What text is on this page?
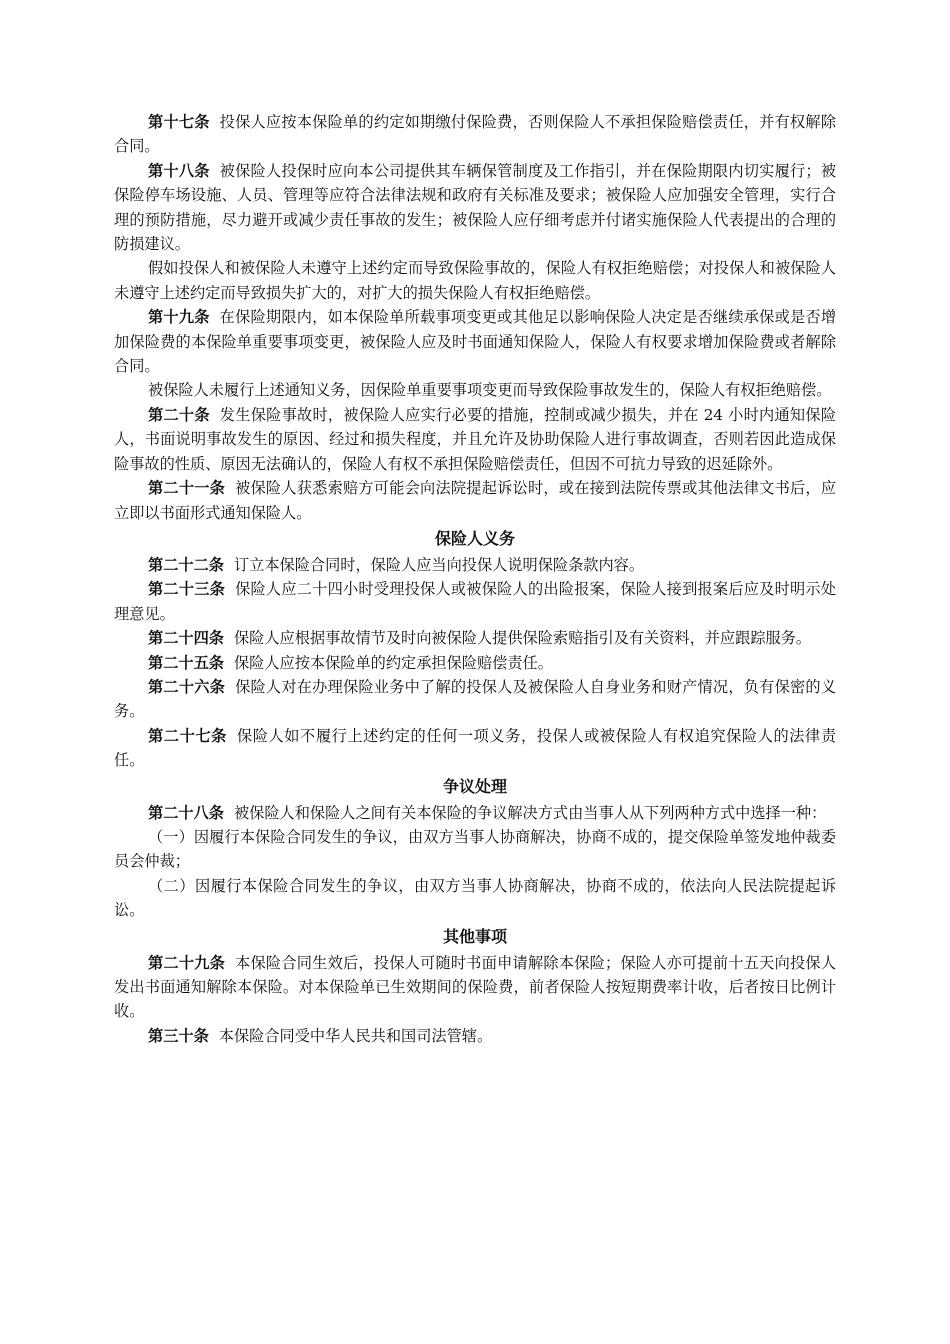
第十七条 投保人应按本保险单的约定如期缴付保险费，否则保险人不承担保险赔偿责任，并有权解除合同。

第十八条 被保险人投保时应向本公司提供其车辆保管制度及工作指引，并在保险期限内切实履行；被保险停车场设施、人员、管理等应符合法律法规和政府有关标准及要求；被保险人应加强安全管理，实行合理的预防措施，尽力避开或减少责任事故的发生；被保险人应仔细考虑并付诸实施保险人代表提出的合理的防损建议。

假如投保人和被保险人未遵守上述约定而导致保险事故的，保险人有权拒绝赔偿；对投保人和被保险人未遵守上述约定而导致损失扩大的，对扩大的损失保险人有权拒绝赔偿。

第十九条 在保险期限内，如本保险单所载事项变更或其他足以影响保险人决定是否继续承保或是否增加保险费的本保险单重要事项变更，被保险人应及时书面通知保险人，保险人有权要求增加保险费或者解除合同。

被保险人未履行上述通知义务，因保险单重要事项变更而导致保险事故发生的，保险人有权拒绝赔偿。

第二十条 发生保险事故时，被保险人应实行必要的措施，控制或减少损失，并在 24 小时内通知保险人，书面说明事故发生的原因、经过和损失程度，并且允许及协助保险人进行事故调查，否则若因此造成保险事故的性质、原因无法确认的，保险人有权不承担保险赔偿责任，但因不可抗力导致的迟延除外。

第二十一条 被保险人获悉索赔方可能会向法院提起诉讼时，或在接到法院传票或其他法律文书后，应立即以书面形式通知保险人。

保险人义务

第二十二条 订立本保险合同时，保险人应当向投保人说明保险条款内容。

第二十三条 保险人应二十四小时受理投保人或被保险人的出险报案，保险人接到报案后应及时明示处理意见。

第二十四条 保险人应根据事故情节及时向被保险人提供保险索赔指引及有关资料，并应跟踪服务。

第二十五条 保险人应按本保险单的约定承担保险赔偿责任。

第二十六条 保险人对在办理保险业务中了解的投保人及被保险人自身业务和财产情况，负有保密的义务。

第二十七条 保险人如不履行上述约定的任何一项义务，投保人或被保险人有权追究保险人的法律责任。

争议处理

第二十八条 被保险人和保险人之间有关本保险的争议解决方式由当事人从下列两种方式中选择一种：

（一）因履行本保险合同发生的争议，由双方当事人协商解决，协商不成的，提交保险单签发地仲裁委员会仲裁；

（二）因履行本保险合同发生的争议，由双方当事人协商解决，协商不成的，依法向人民法院提起诉讼。

其他事项

第二十九条 本保险合同生效后，投保人可随时书面申请解除本保险；保险人亦可提前十五天向投保人发出书面通知解除本保险。对本保险单已生效期间的保险费，前者保险人按短期费率计收，后者按日比例计收。

第三十条 本保险合同受中华人民共和国司法管辖。
